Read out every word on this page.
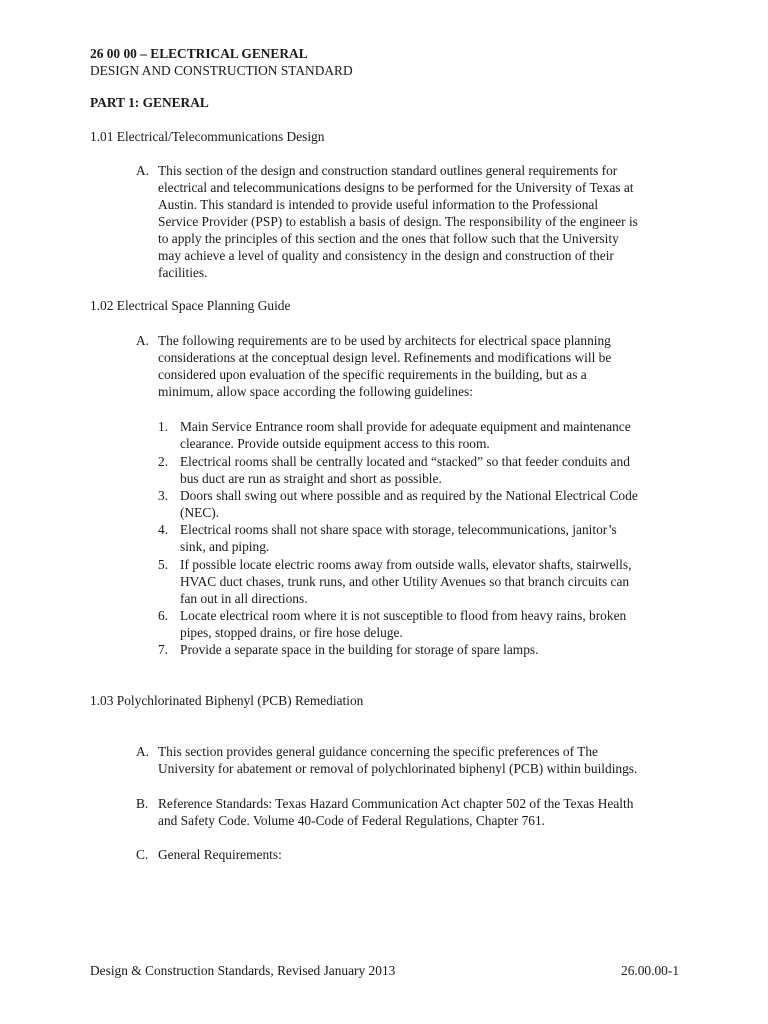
26 00 00 – ELECTRICAL GENERAL
DESIGN AND CONSTRUCTION STANDARD
PART 1: GENERAL
1.01 Electrical/Telecommunications Design
A. This section of the design and construction standard outlines general requirements for
electrical and telecommunications designs to be performed for the University of Texas at
Austin. This standard is intended to provide useful information to the Professional
Service Provider (PSP) to establish a basis of design. The responsibility of the engineer is
to apply the principles of this section and the ones that follow such that the University
may achieve a level of quality and consistency in the design and construction of their
facilities.
1.02 Electrical Space Planning Guide
A. The following requirements are to be used by architects for electrical space planning
considerations at the conceptual design level. Refinements and modifications will be
considered upon evaluation of the specific requirements in the building, but as a
minimum, allow space according the following guidelines:
1. Main Service Entrance room shall provide for adequate equipment and maintenance
clearance. Provide outside equipment access to this room.
2. Electrical rooms shall be centrally located and “stacked” so that feeder conduits and
bus duct are run as straight and short as possible.
3. Doors shall swing out where possible and as required by the National Electrical Code
(NEC).
4. Electrical rooms shall not share space with storage, telecommunications, janitor’s
sink, and piping.
5. If possible locate electric rooms away from outside walls, elevator shafts, stairwells,
HVAC duct chases, trunk runs, and other Utility Avenues so that branch circuits can
fan out in all directions.
6. Locate electrical room where it is not susceptible to flood from heavy rains, broken
pipes, stopped drains, or fire hose deluge.
7. Provide a separate space in the building for storage of spare lamps.
1.03 Polychlorinated Biphenyl (PCB) Remediation
A. This section provides general guidance concerning the specific preferences of The
University for abatement or removal of polychlorinated biphenyl (PCB) within buildings.
B. Reference Standards: Texas Hazard Communication Act chapter 502 of the Texas Health
and Safety Code. Volume 40-Code of Federal Regulations, Chapter 761.
C. General Requirements:
Design & Construction Standards, Revised January 2013	26.00.00-1
